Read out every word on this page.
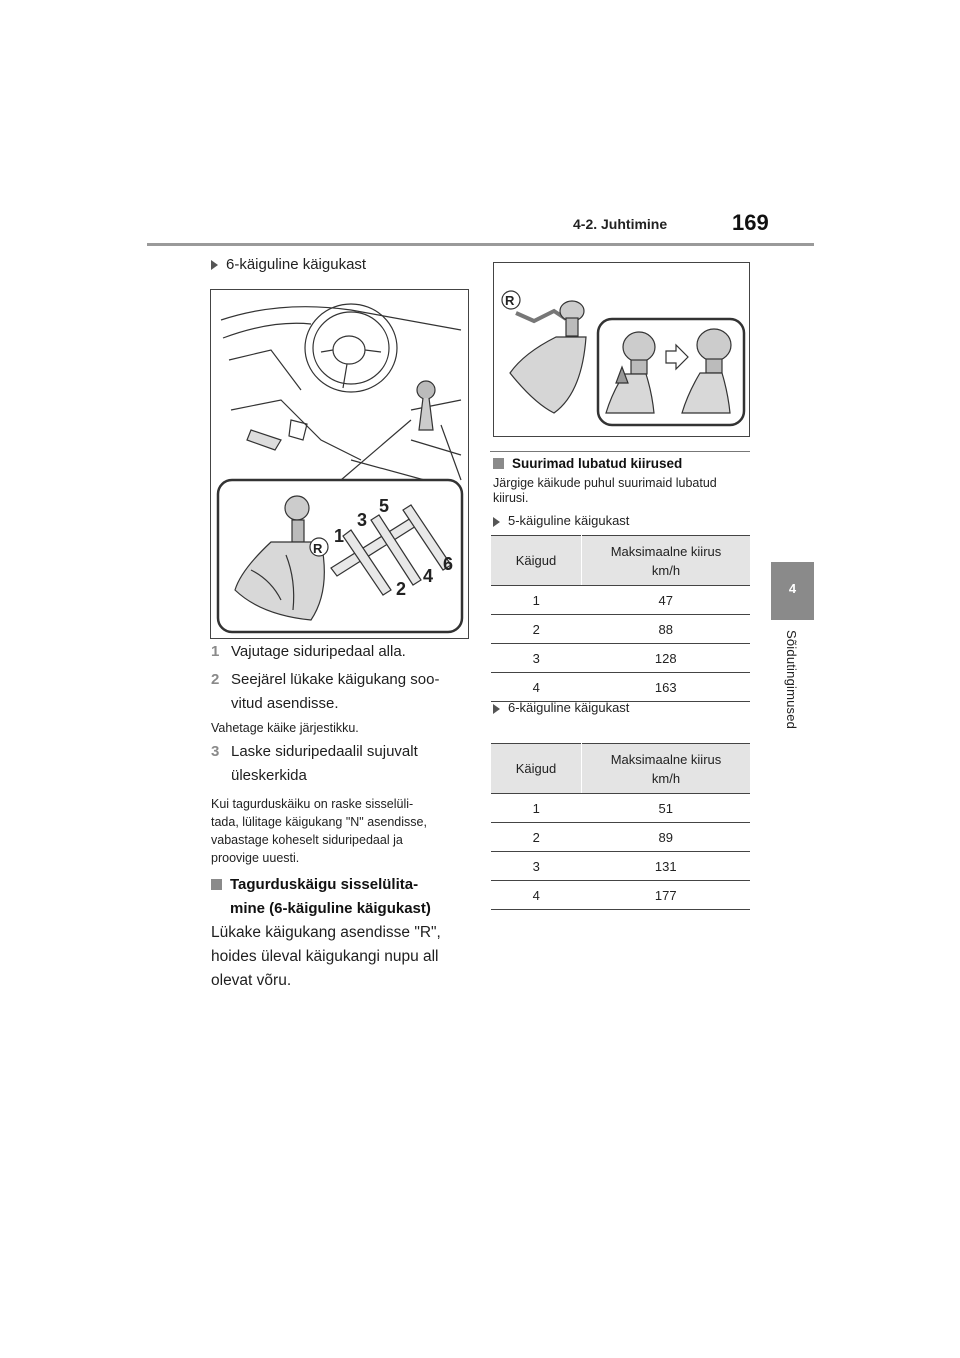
4-2. Juhtimine	169
4
Sõidutingimused
6-käiguline käigukast
R
1
3
5
2
4
6
1 Vajutage siduripedaal alla.
2 Seejärel lükake käigukang soo-
vitud asendisse.
Vahetage käike järjestikku.
3 Laske siduripedaalil sujuvalt
üleskerkida
Kui tagurduskäiku on raske sisselüli-
tada, lülitage käigukang "N" asendisse,
vabastage koheselt siduripedaal ja
proovige uuesti.
Tagurduskäigu sisselülita-
mine (6-käiguline käigukast)
Lükake käigukang asendisse "R",
hoides üleval käigukangi nupu all
olevat võru.
R
Suurimad lubatud kiirused
Järgige käikude puhul suurimaid lubatud
kiirusi.
5-käiguline käigukast
Käigud	Maksimaalne kiirus
km/h

1	47
2	88
3	128
4	163
6-käiguline käigukast
Käigud	Maksimaalne kiirus
km/h

1	51
2	89
3	131
4	177
